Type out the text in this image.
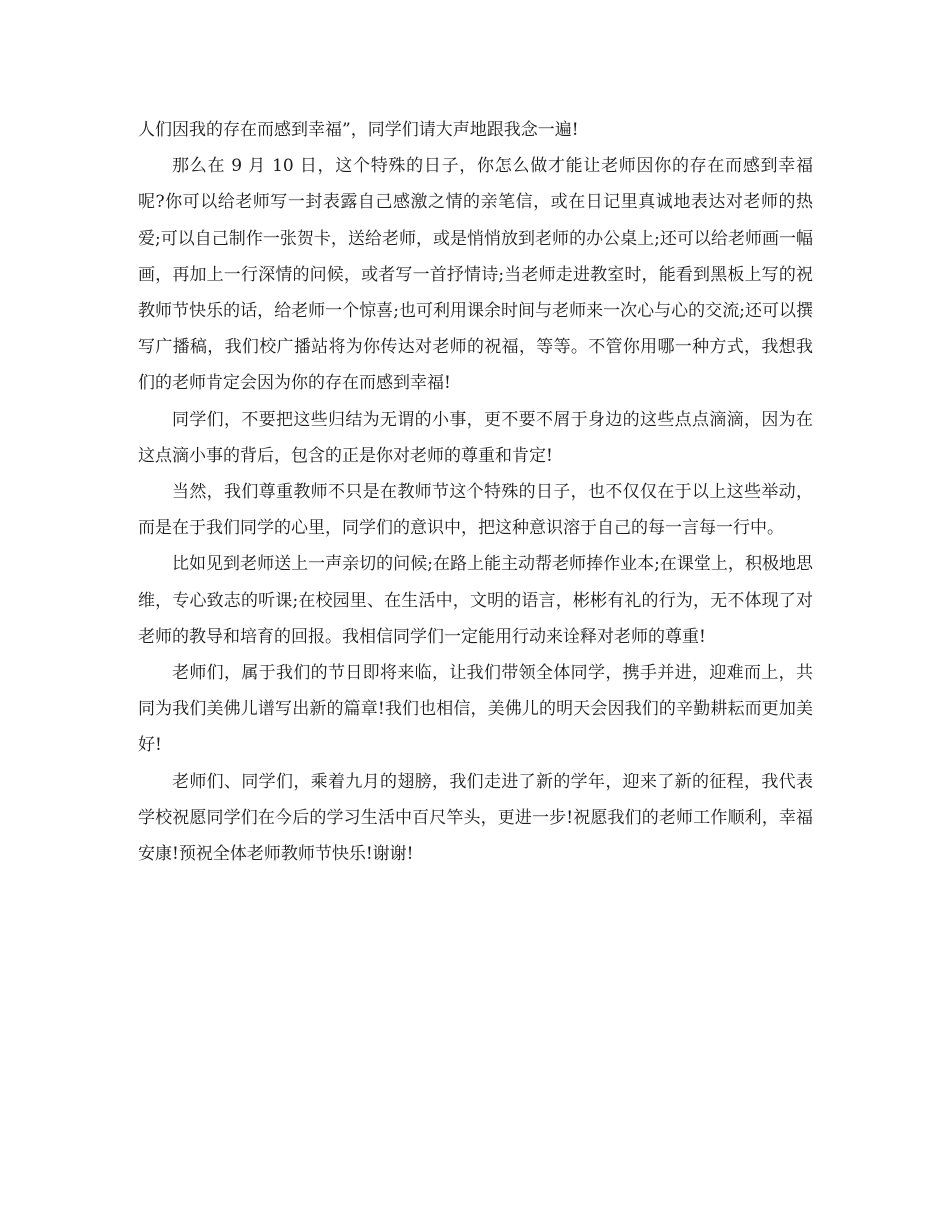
人们因我的存在而感到幸福”，同学们请大声地跟我念一遍!

那么在 9 月 10 日，这个特殊的日子，你怎么做才能让老师因你的存在而感到幸福呢?你可以给老师写一封表露自己感激之情的亲笔信，或在日记里真诚地表达对老师的热爱;可以自己制作一张贺卡，送给老师，或是悄悄放到老师的办公桌上;还可以给老师画一幅画，再加上一行深情的问候，或者写一首抒情诗;当老师走进教室时，能看到黑板上写的祝教师节快乐的话，给老师一个惊喜;也可利用课余时间与老师来一次心与心的交流;还可以撰写广播稿，我们校广播站将为你传达对老师的祝福，等等。不管你用哪一种方式，我想我们的老师肯定会因为你的存在而感到幸福!

同学们，不要把这些归结为无谓的小事，更不要不屑于身边的这些点点滴滴，因为在这点滴小事的背后，包含的正是你对老师的尊重和肯定!

当然，我们尊重教师不只是在教师节这个特殊的日子，也不仅仅在于以上这些举动，而是在于我们同学的心里，同学们的意识中，把这种意识溶于自己的每一言每一行中。

比如见到老师送上一声亲切的问候;在路上能主动帮老师捧作业本;在课堂上，积极地思维，专心致志的听课;在校园里、在生活中，文明的语言，彬彬有礼的行为，无不体现了对老师的教导和培育的回报。我相信同学们一定能用行动来诠释对老师的尊重!

老师们，属于我们的节日即将来临，让我们带领全体同学，携手并进，迎难而上，共同为我们美佛儿谱写出新的篇章!我们也相信，美佛儿的明天会因我们的辛勤耕耘而更加美好!

老师们、同学们，乘着九月的翅膀，我们走进了新的学年，迎来了新的征程，我代表学校祝愿同学们在今后的学习生活中百尺竿头，更进一步!祝愿我们的老师工作顺利，幸福安康!预祝全体老师教师节快乐!谢谢!
